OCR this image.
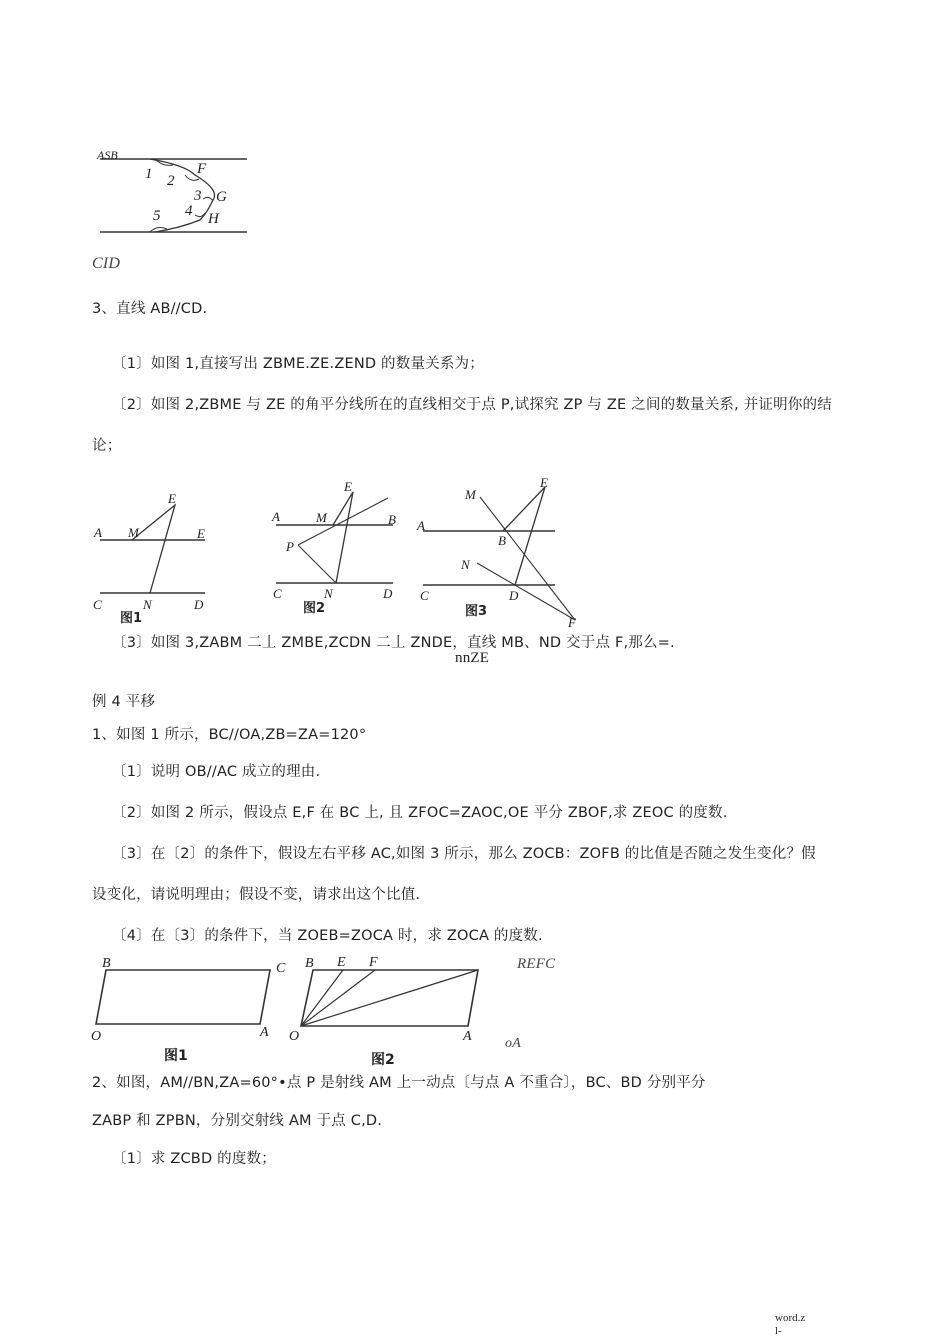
ASB
1 2
F
3 G
4 H
5
CID
3、直线 AB//CD.
〔1〕如图 1,直接写出 ZBME.ZE.ZEND 的数量关系为；
〔2〕如图 2,ZBME 与 ZE 的角平分线所在的直线相交于点 P,试探究 ZP 与 ZE 之间的数量关系, 并证明你的结
论；
A M
E
E
C	N	D
图1
A	M
E
B
P
C	N	D
图2
A
M
E
B
N
C	D
F
图3
〔3〕如图 3,ZABM 二丄 ZMBE,ZCDN 二丄 ZNDE，直线 MB、ND 交于点 F,那么=.
nnZE
例 4 平移
1、如图 1 所示，BC//OA,ZB=ZA=120°
〔1〕说明 OB//AC 成立的理由.
〔2〕如图 2 所示，假设点 E,F 在 BC 上, 且 ZFOC=ZAOC,OE 平分 ZBOF,求 ZEOC 的度数.
〔3〕在〔2〕的条件下，假设左右平移 AC,如图 3 所示，那么 ZOCB：ZOFB 的比值是否随之发生变化？假
设变化，请说明理由；假设不变，请求出这个比值.
〔4〕在〔3〕的条件下，当 ZOEB=ZOCA 时，求 ZOCA 的度数.
B	C
O	A
图1
B E F
O	A
图2
REFC
oA
2、如图，AM//BN,ZA=60°•点 P 是射线 AM 上一动点〔与点 A 不重合〕，BC、BD 分别平分
ZABP 和 ZPBN，分别交射线 AM 于点 C,D.
〔1〕求 ZCBD 的度数；
word.z
l-
